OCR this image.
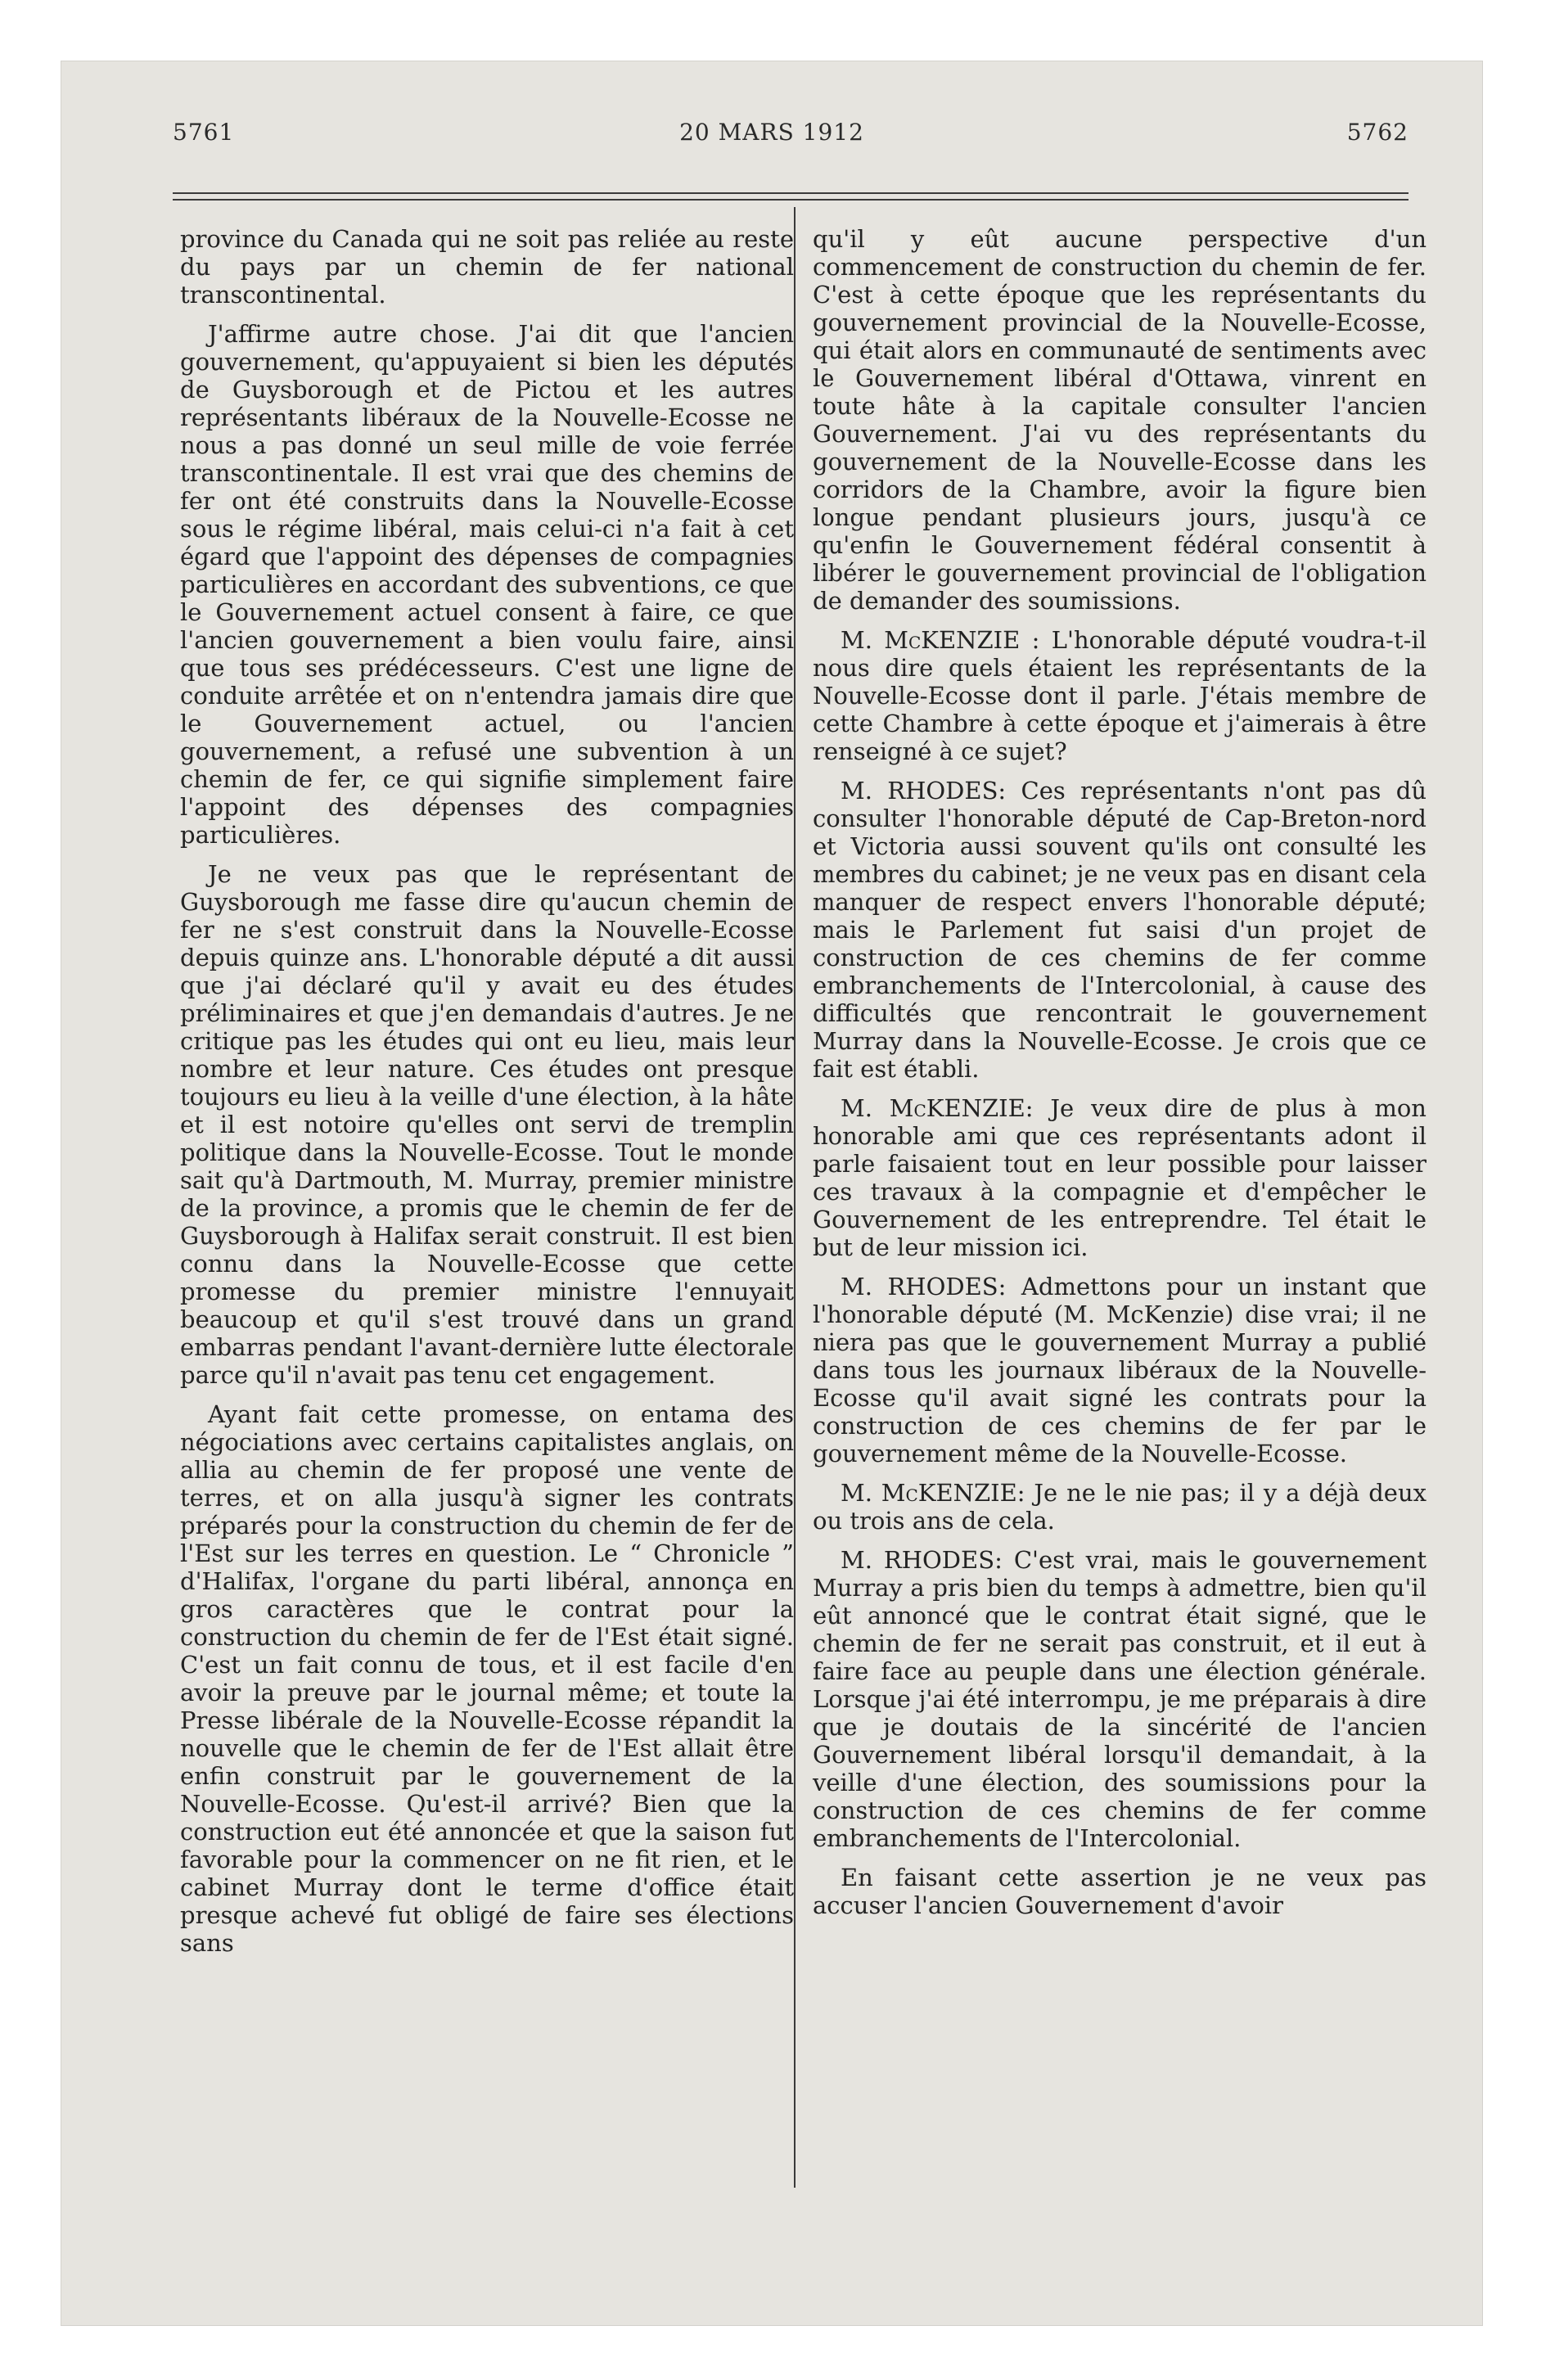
5761	20 MARS 1912	5762

province du Canada qui ne soit pas reliée au reste du pays par un chemin de fer national transcontinental.

J'affirme autre chose. J'ai dit que l'ancien gouvernement, qu'appuyaient si bien les députés de Guysborough et de Pictou et les autres représentants libéraux de la Nouvelle-Ecosse ne nous a pas donné un seul mille de voie ferrée transcontinentale. Il est vrai que des chemins de fer ont été construits dans la Nouvelle-Ecosse sous le régime libéral, mais celui-ci n'a fait à cet égard que l'appoint des dépenses de compagnies particulières en accordant des subventions, ce que le Gouvernement actuel consent à faire, ce que l'ancien gouvernement a bien voulu faire, ainsi que tous ses prédécesseurs. C'est une ligne de conduite arrêtée et on n'entendra jamais dire que le Gouvernement actuel, ou l'ancien gouvernement, a refusé une subvention à un chemin de fer, ce qui signifie simplement faire l'appoint des dépenses des compagnies particulières.

Je ne veux pas que le représentant de Guysborough me fasse dire qu'aucun chemin de fer ne s'est construit dans la Nouvelle-Ecosse depuis quinze ans. L'honorable député a dit aussi que j'ai déclaré qu'il y avait eu des études préliminaires et que j'en demandais d'autres. Je ne critique pas les études qui ont eu lieu, mais leur nombre et leur nature. Ces études ont presque toujours eu lieu à la veille d'une élection, à la hâte et il est notoire qu'elles ont servi de tremplin politique dans la Nouvelle-Ecosse. Tout le monde sait qu'à Dartmouth, M. Murray, premier ministre de la province, a promis que le chemin de fer de Guysborough à Halifax serait construit. Il est bien connu dans la Nouvelle-Ecosse que cette promesse du premier ministre l'ennuyait beaucoup et qu'il s'est trouvé dans un grand embarras pendant l'avant-dernière lutte électorale parce qu'il n'avait pas tenu cet engagement.

Ayant fait cette promesse, on entama des négociations avec certains capitalistes anglais, on allia au chemin de fer proposé une vente de terres, et on alla jusqu'à signer les contrats préparés pour la construction du chemin de fer de l'Est sur les terres en question. Le “ Chronicle ” d'Halifax, l'organe du parti libéral, annonça en gros caractères que le contrat pour la construction du chemin de fer de l'Est était signé. C'est un fait connu de tous, et il est facile d'en avoir la preuve par le journal même; et toute la Presse libérale de la Nouvelle-Ecosse répandit la nouvelle que le chemin de fer de l'Est allait être enfin construit par le gouvernement de la Nouvelle-Ecosse. Qu'est-il arrivé? Bien que la construction eut été annoncée et que la saison fut favorable pour la commencer on ne fit rien, et le cabinet Murray dont le terme d'office était presque achevé fut obligé de faire ses élections sans

qu'il y eût aucune perspective d'un commencement de construction du chemin de fer. C'est à cette époque que les représentants du gouvernement provincial de la Nouvelle-Ecosse, qui était alors en communauté de sentiments avec le Gouvernement libéral d'Ottawa, vinrent en toute hâte à la capitale consulter l'ancien Gouvernement. J'ai vu des représentants du gouvernement de la Nouvelle-Ecosse dans les corridors de la Chambre, avoir la figure bien longue pendant plusieurs jours, jusqu'à ce qu'enfin le Gouvernement fédéral consentit à libérer le gouvernement provincial de l'obligation de demander des soumissions.

M. McKENZIE : L'honorable député voudra-t-il nous dire quels étaient les représentants de la Nouvelle-Ecosse dont il parle. J'étais membre de cette Chambre à cette époque et j'aimerais à être renseigné à ce sujet?

M. RHODES: Ces représentants n'ont pas dû consulter l'honorable député de Cap-Breton-nord et Victoria aussi souvent qu'ils ont consulté les membres du cabinet; je ne veux pas en disant cela manquer de respect envers l'honorable député; mais le Parlement fut saisi d'un projet de construction de ces chemins de fer comme embranchements de l'Intercolonial, à cause des difficultés que rencontrait le gouvernement Murray dans la Nouvelle-Ecosse. Je crois que ce fait est établi.

M. McKENZIE: Je veux dire de plus à mon honorable ami que ces représentants adont il parle faisaient tout en leur possible pour laisser ces travaux à la compagnie et d'empêcher le Gouvernement de les entreprendre. Tel était le but de leur mission ici.

M. RHODES: Admettons pour un instant que l'honorable député (M. McKenzie) dise vrai; il ne niera pas que le gouvernement Murray a publié dans tous les journaux libéraux de la Nouvelle-Ecosse qu'il avait signé les contrats pour la construction de ces chemins de fer par le gouvernement même de la Nouvelle-Ecosse.

M. McKENZIE: Je ne le nie pas; il y a déjà deux ou trois ans de cela.

M. RHODES: C'est vrai, mais le gouvernement Murray a pris bien du temps à admettre, bien qu'il eût annoncé que le contrat était signé, que le chemin de fer ne serait pas construit, et il eut à faire face au peuple dans une élection générale. Lorsque j'ai été interrompu, je me préparais à dire que je doutais de la sincérité de l'ancien Gouvernement libéral lorsqu'il demandait, à la veille d'une élection, des soumissions pour la construction de ces chemins de fer comme embranchements de l'Intercolonial.

En faisant cette assertion je ne veux pas accuser l'ancien Gouvernement d'avoir
